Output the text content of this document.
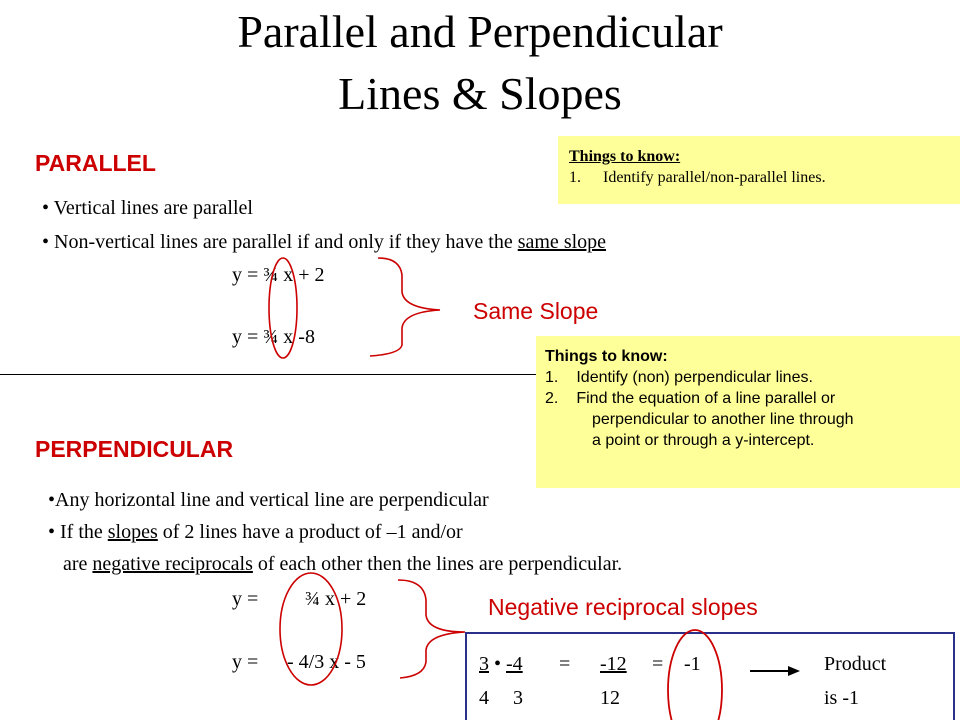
Parallel and Perpendicular
Lines & Slopes
PARALLEL
• Vertical lines are parallel
• Non-vertical lines are parallel if and only if they have the same slope
y = ¾ x + 2
y = ¾ x -8
Same Slope
Things to know:
1. Identify parallel/non-parallel lines.
Things to know:
1. Identify (non) perpendicular lines.
2. Find the equation of a line parallel or
perpendicular to another line through
a point or through a y-intercept.
PERPENDICULAR
•Any horizontal line and vertical line are perpendicular
• If the slopes of 2 lines have a product of –1 and/or
are negative reciprocals of each other then the lines are perpendicular.
y = ¾ x + 2
y = - 4/3 x - 5
Negative reciprocal slopes
3 • -4 = -12 = -1
4 3	12
Product
is -1
